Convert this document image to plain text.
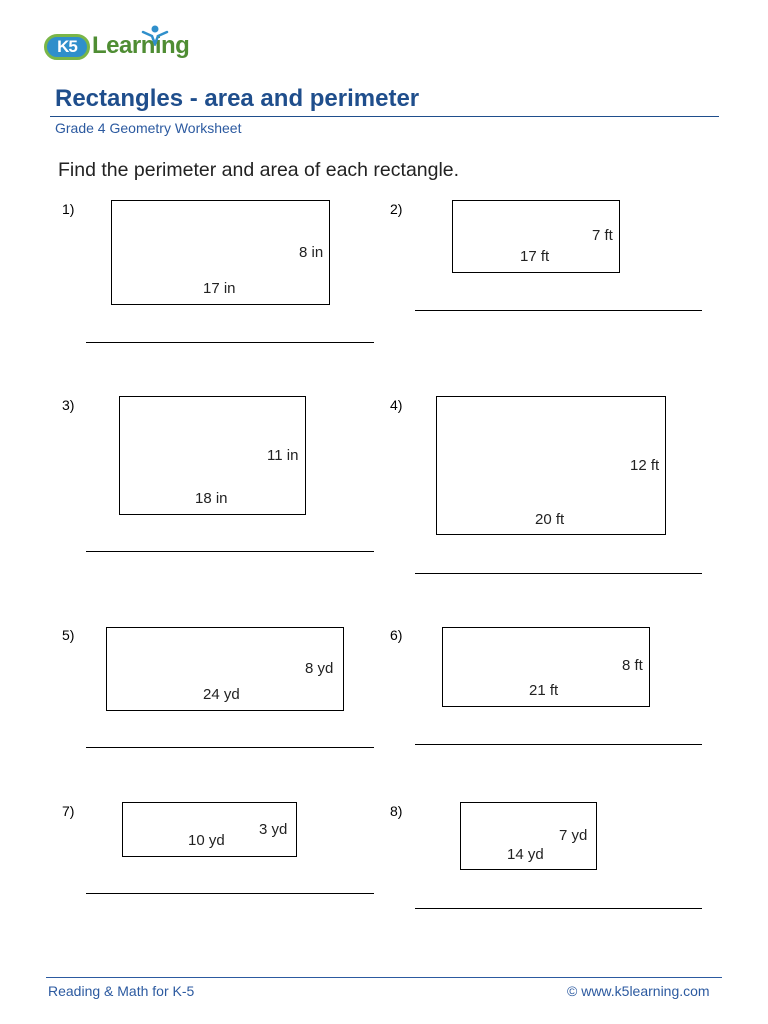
K5 Learning
Rectangles - area and perimeter
Grade 4 Geometry Worksheet
Find the perimeter and area of each rectangle.
1)
8 in
17 in
2)
7 ft
17 ft
3)
11 in
18 in
4)
12 ft
20 ft
5)
8 yd
24 yd
6)
8 ft
21 ft
7)
3 yd
10 yd
8)
7 yd
14 yd
Reading & Math for K-5	© www.k5learning.com
